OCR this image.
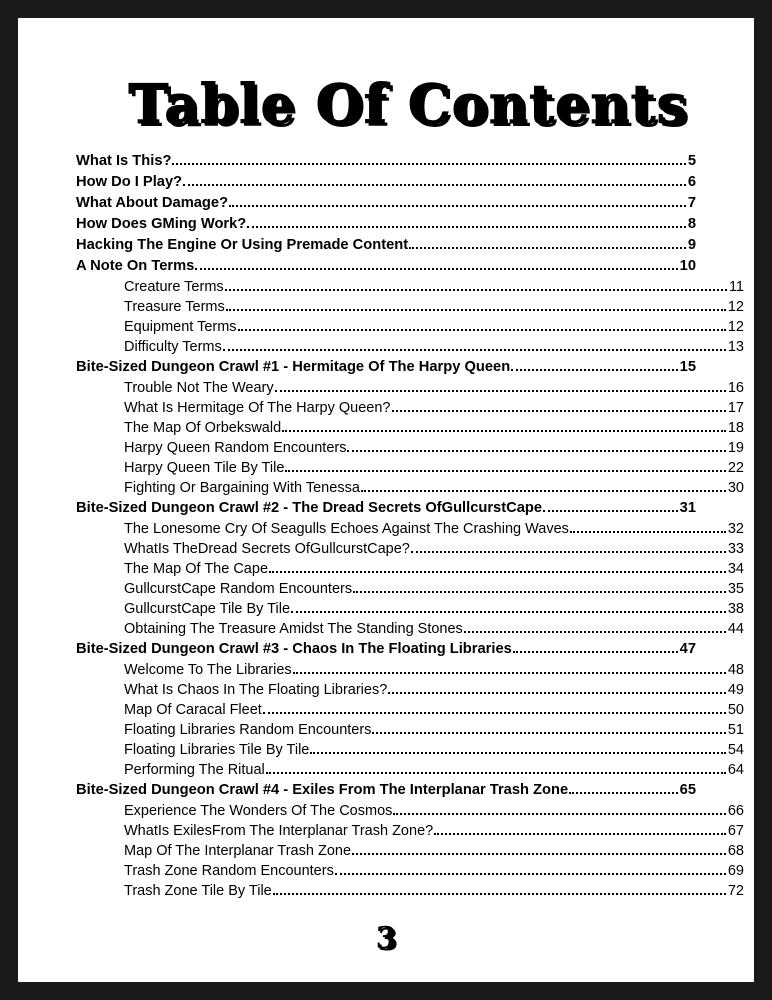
Table Of Contents
What Is This?	5
How Do I Play?	6
What About Damage?	7
How Does GMing Work?	8
Hacking The Engine Or Using Premade Content	9
A Note On Terms	10
Creature Terms	11
Treasure Terms	12
Equipment Terms	12
Difficulty Terms	13
Bite-Sized Dungeon Crawl #1 - Hermitage Of The Harpy Queen	15
Trouble Not The Weary	16
What Is Hermitage Of The Harpy Queen?	17
The Map Of Orbekswald	18
Harpy Queen Random Encounters	19
Harpy Queen Tile By Tile	22
Fighting Or Bargaining With Tenessa	30
Bite-Sized Dungeon Crawl #2 - The Dread Secrets OfGullcurstCape	31
The Lonesome Cry Of Seagulls Echoes Against The Crashing Waves	32
WhatIs TheDread Secrets OfGullcurstCape?	33
The Map Of The Cape	34
GullcurstCape Random Encounters	35
GullcurstCape Tile By Tile	38
Obtaining The Treasure Amidst The Standing Stones	44
Bite-Sized Dungeon Crawl #3 - Chaos In The Floating Libraries	47
Welcome To The Libraries	48
What Is Chaos In The Floating Libraries?	49
Map Of Caracal Fleet	50
Floating Libraries Random Encounters	51
Floating Libraries Tile By Tile	54
Performing The Ritual	64
Bite-Sized Dungeon Crawl #4 - Exiles From The Interplanar Trash Zone	65
Experience The Wonders Of The Cosmos	66
WhatIs ExilesFrom The Interplanar Trash Zone?	67
Map Of The Interplanar Trash Zone	68
Trash Zone Random Encounters	69
Trash Zone Tile By Tile	72
3
